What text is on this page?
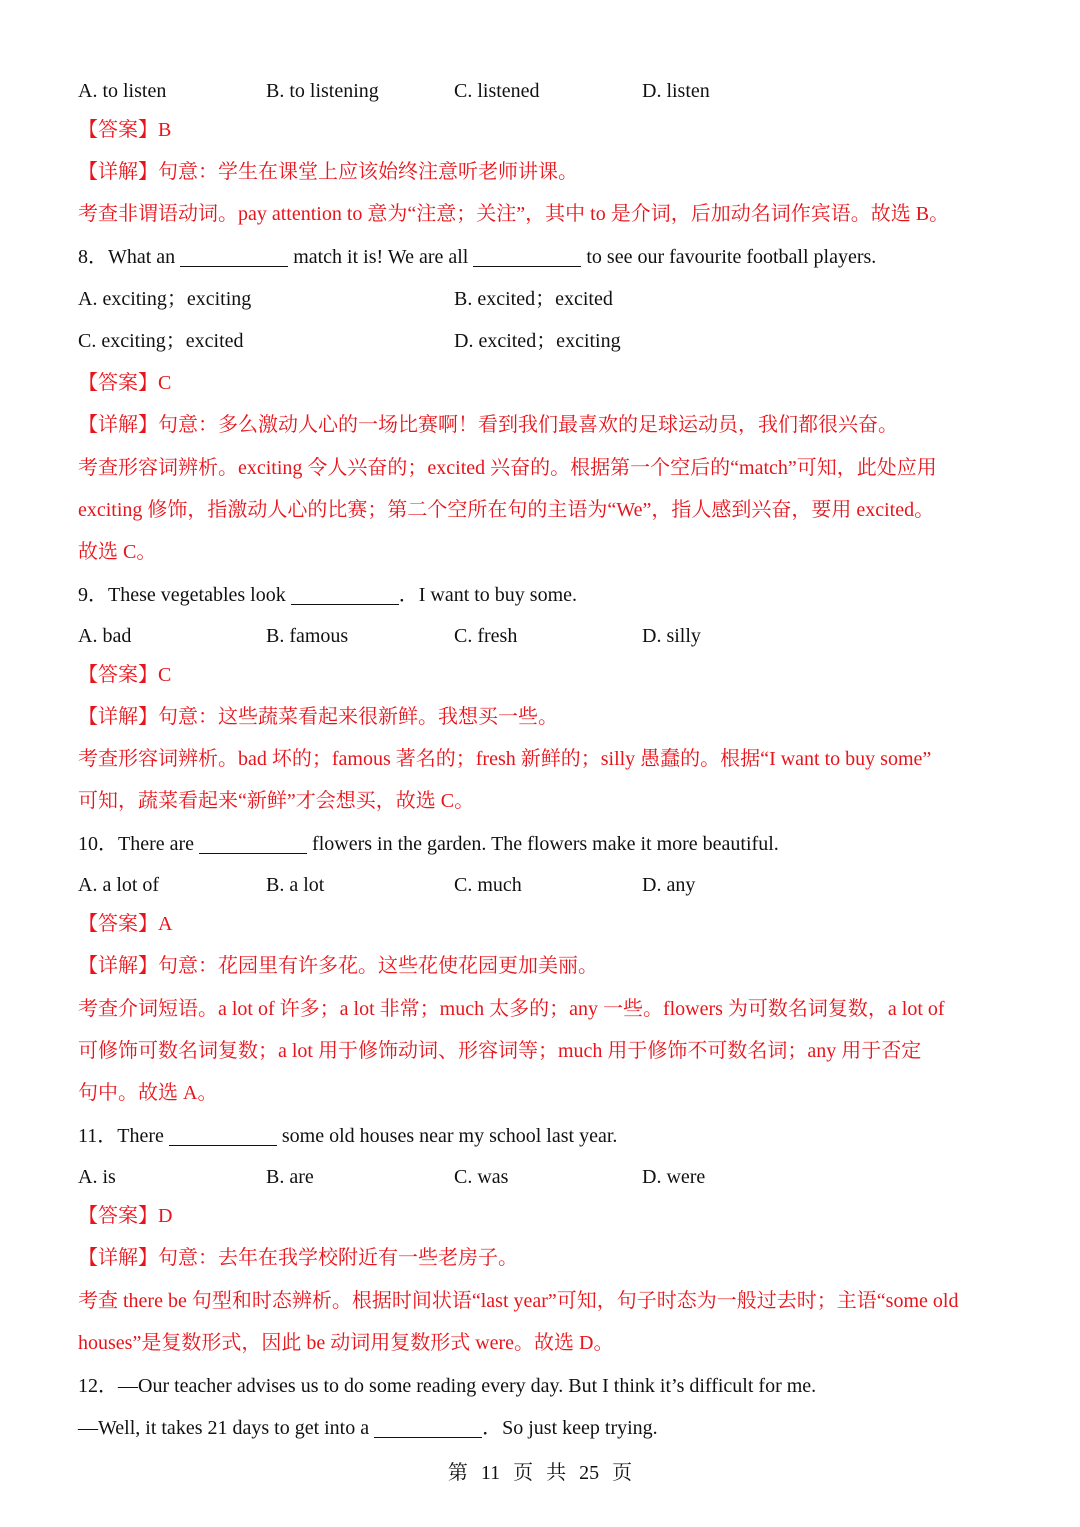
A. to listen	B. to listening	C. listened	D. listen
【答案】B
【详解】句意：学生在课堂上应该始终注意听老师讲课。
考查非谓语动词。pay attention to 意为“注意；关注”，其中 to 是介词，后加动名词作宾语。故选 B。
8．What an	match it is! We are all	to see our favourite football players.
A. exciting；exciting	B. excited；excited
C. exciting；excited	D. excited；exciting
【答案】C
【详解】句意：多么激动人心的一场比赛啊！看到我们最喜欢的足球运动员，我们都很兴奋。
考查形容词辨析。exciting 令人兴奋的；excited 兴奋的。根据第一个空后的“match”可知，此处应用
exciting 修饰，指激动人心的比赛；第二个空所在句的主语为“We”，指人感到兴奋，要用 excited。
故选 C。
9．These vegetables look	．I want to buy some.
A. bad	B. famous	C. fresh	D. silly
【答案】C
【详解】句意：这些蔬菜看起来很新鲜。我想买一些。
考查形容词辨析。bad 坏的；famous 著名的；fresh 新鲜的；silly 愚蠢的。根据“I want to buy some”
可知，蔬菜看起来“新鲜”才会想买，故选 C。
10．There are	flowers in the garden. The flowers make it more beautiful.
A. a lot of	B. a lot	C. much	D. any
【答案】A
【详解】句意：花园里有许多花。这些花使花园更加美丽。
考查介词短语。a lot of 许多；a lot 非常；much 太多的；any 一些。flowers 为可数名词复数，a lot of
可修饰可数名词复数；a lot 用于修饰动词、形容词等；much 用于修饰不可数名词；any 用于否定
句中。故选 A。
11．There	some old houses near my school last year.
A. is	B. are	C. was	D. were
【答案】D
【详解】句意：去年在我学校附近有一些老房子。
考查 there be 句型和时态辨析。根据时间状语“last year”可知，句子时态为一般过去时；主语“some old
houses”是复数形式，因此 be 动词用复数形式 were。故选 D。
12．—Our teacher advises us to do some reading every day. But I think it’s difficult for me.
—Well, it takes 21 days to get into a	．So just keep trying.
第 11 页 共 25 页
